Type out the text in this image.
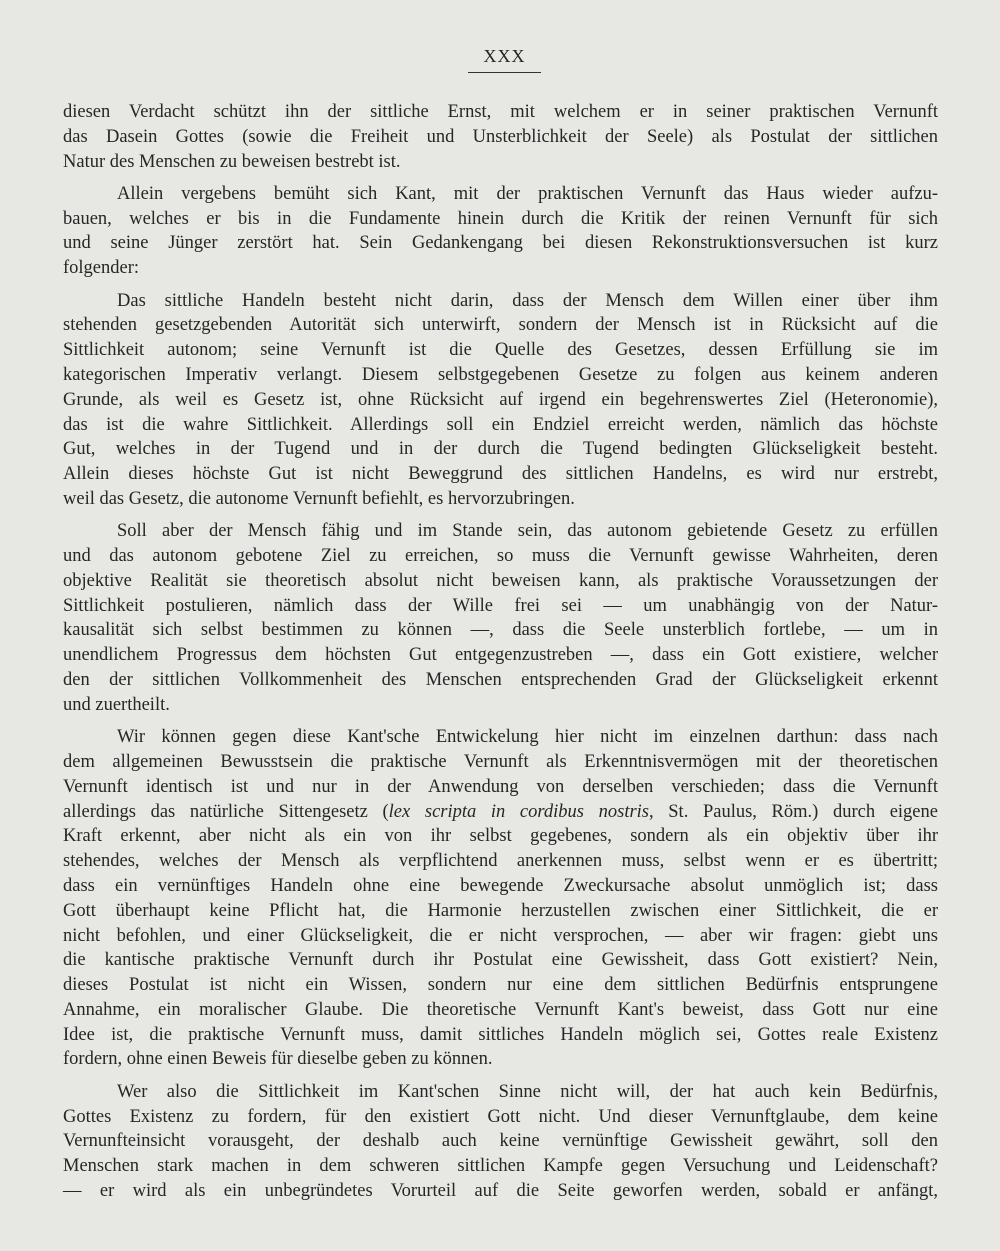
XXX
diesen Verdacht schützt ihn der sittliche Ernst, mit welchem er in seiner praktischen Vernunft
das Dasein Gottes (sowie die Freiheit und Unsterblichkeit der Seele) als Postulat der sittlichen
Natur des Menschen zu beweisen bestrebt ist.
Allein vergebens bemüht sich Kant, mit der praktischen Vernunft das Haus wieder aufzu-
bauen, welches er bis in die Fundamente hinein durch die Kritik der reinen Vernunft für sich
und seine Jünger zerstört hat. Sein Gedankengang bei diesen Rekonstruktionsversuchen ist kurz
folgender:
Das sittliche Handeln besteht nicht darin, dass der Mensch dem Willen einer über ihm
stehenden gesetzgebenden Autorität sich unterwirft, sondern der Mensch ist in Rücksicht auf die
Sittlichkeit autonom; seine Vernunft ist die Quelle des Gesetzes, dessen Erfüllung sie im
kategorischen Imperativ verlangt. Diesem selbstgegebenen Gesetze zu folgen aus keinem anderen
Grunde, als weil es Gesetz ist, ohne Rücksicht auf irgend ein begehrenswertes Ziel (Heteronomie),
das ist die wahre Sittlichkeit. Allerdings soll ein Endziel erreicht werden, nämlich das höchste
Gut, welches in der Tugend und in der durch die Tugend bedingten Glückseligkeit besteht.
Allein dieses höchste Gut ist nicht Beweggrund des sittlichen Handelns, es wird nur erstrebt,
weil das Gesetz, die autonome Vernunft befiehlt, es hervorzubringen.
Soll aber der Mensch fähig und im Stande sein, das autonom gebietende Gesetz zu erfüllen
und das autonom gebotene Ziel zu erreichen, so muss die Vernunft gewisse Wahrheiten, deren
objektive Realität sie theoretisch absolut nicht beweisen kann, als praktische Voraussetzungen der
Sittlichkeit postulieren, nämlich dass der Wille frei sei — um unabhängig von der Natur-
kausalität sich selbst bestimmen zu können —, dass die Seele unsterblich fortlebe, — um in
unendlichem Progressus dem höchsten Gut entgegenzustreben —, dass ein Gott existiere, welcher
den der sittlichen Vollkommenheit des Menschen entsprechenden Grad der Glückseligkeit erkennt
und zuertheilt.
Wir können gegen diese Kant'sche Entwickelung hier nicht im einzelnen darthun: dass nach
dem allgemeinen Bewusstsein die praktische Vernunft als Erkenntnisvermögen mit der theoretischen
Vernunft identisch ist und nur in der Anwendung von derselben verschieden; dass die Vernunft
allerdings das natürliche Sittengesetz (lex scripta in cordibus nostris, St. Paulus, Röm.) durch eigene
Kraft erkennt, aber nicht als ein von ihr selbst gegebenes, sondern als ein objektiv über ihr
stehendes, welches der Mensch als verpflichtend anerkennen muss, selbst wenn er es übertritt;
dass ein vernünftiges Handeln ohne eine bewegende Zweckursache absolut unmöglich ist; dass
Gott überhaupt keine Pflicht hat, die Harmonie herzustellen zwischen einer Sittlichkeit, die er
nicht befohlen, und einer Glückseligkeit, die er nicht versprochen, — aber wir fragen: giebt uns
die kantische praktische Vernunft durch ihr Postulat eine Gewissheit, dass Gott existiert? Nein,
dieses Postulat ist nicht ein Wissen, sondern nur eine dem sittlichen Bedürfnis entsprungene
Annahme, ein moralischer Glaube. Die theoretische Vernunft Kant's beweist, dass Gott nur eine
Idee ist, die praktische Vernunft muss, damit sittliches Handeln möglich sei, Gottes reale Existenz
fordern, ohne einen Beweis für dieselbe geben zu können.
Wer also die Sittlichkeit im Kant'schen Sinne nicht will, der hat auch kein Bedürfnis,
Gottes Existenz zu fordern, für den existiert Gott nicht. Und dieser Vernunftglaube, dem keine
Vernunfteinsicht vorausgeht, der deshalb auch keine vernünftige Gewissheit gewährt, soll den
Menschen stark machen in dem schweren sittlichen Kampfe gegen Versuchung und Leidenschaft?
— er wird als ein unbegründetes Vorurteil auf die Seite geworfen werden, sobald er anfängt,
